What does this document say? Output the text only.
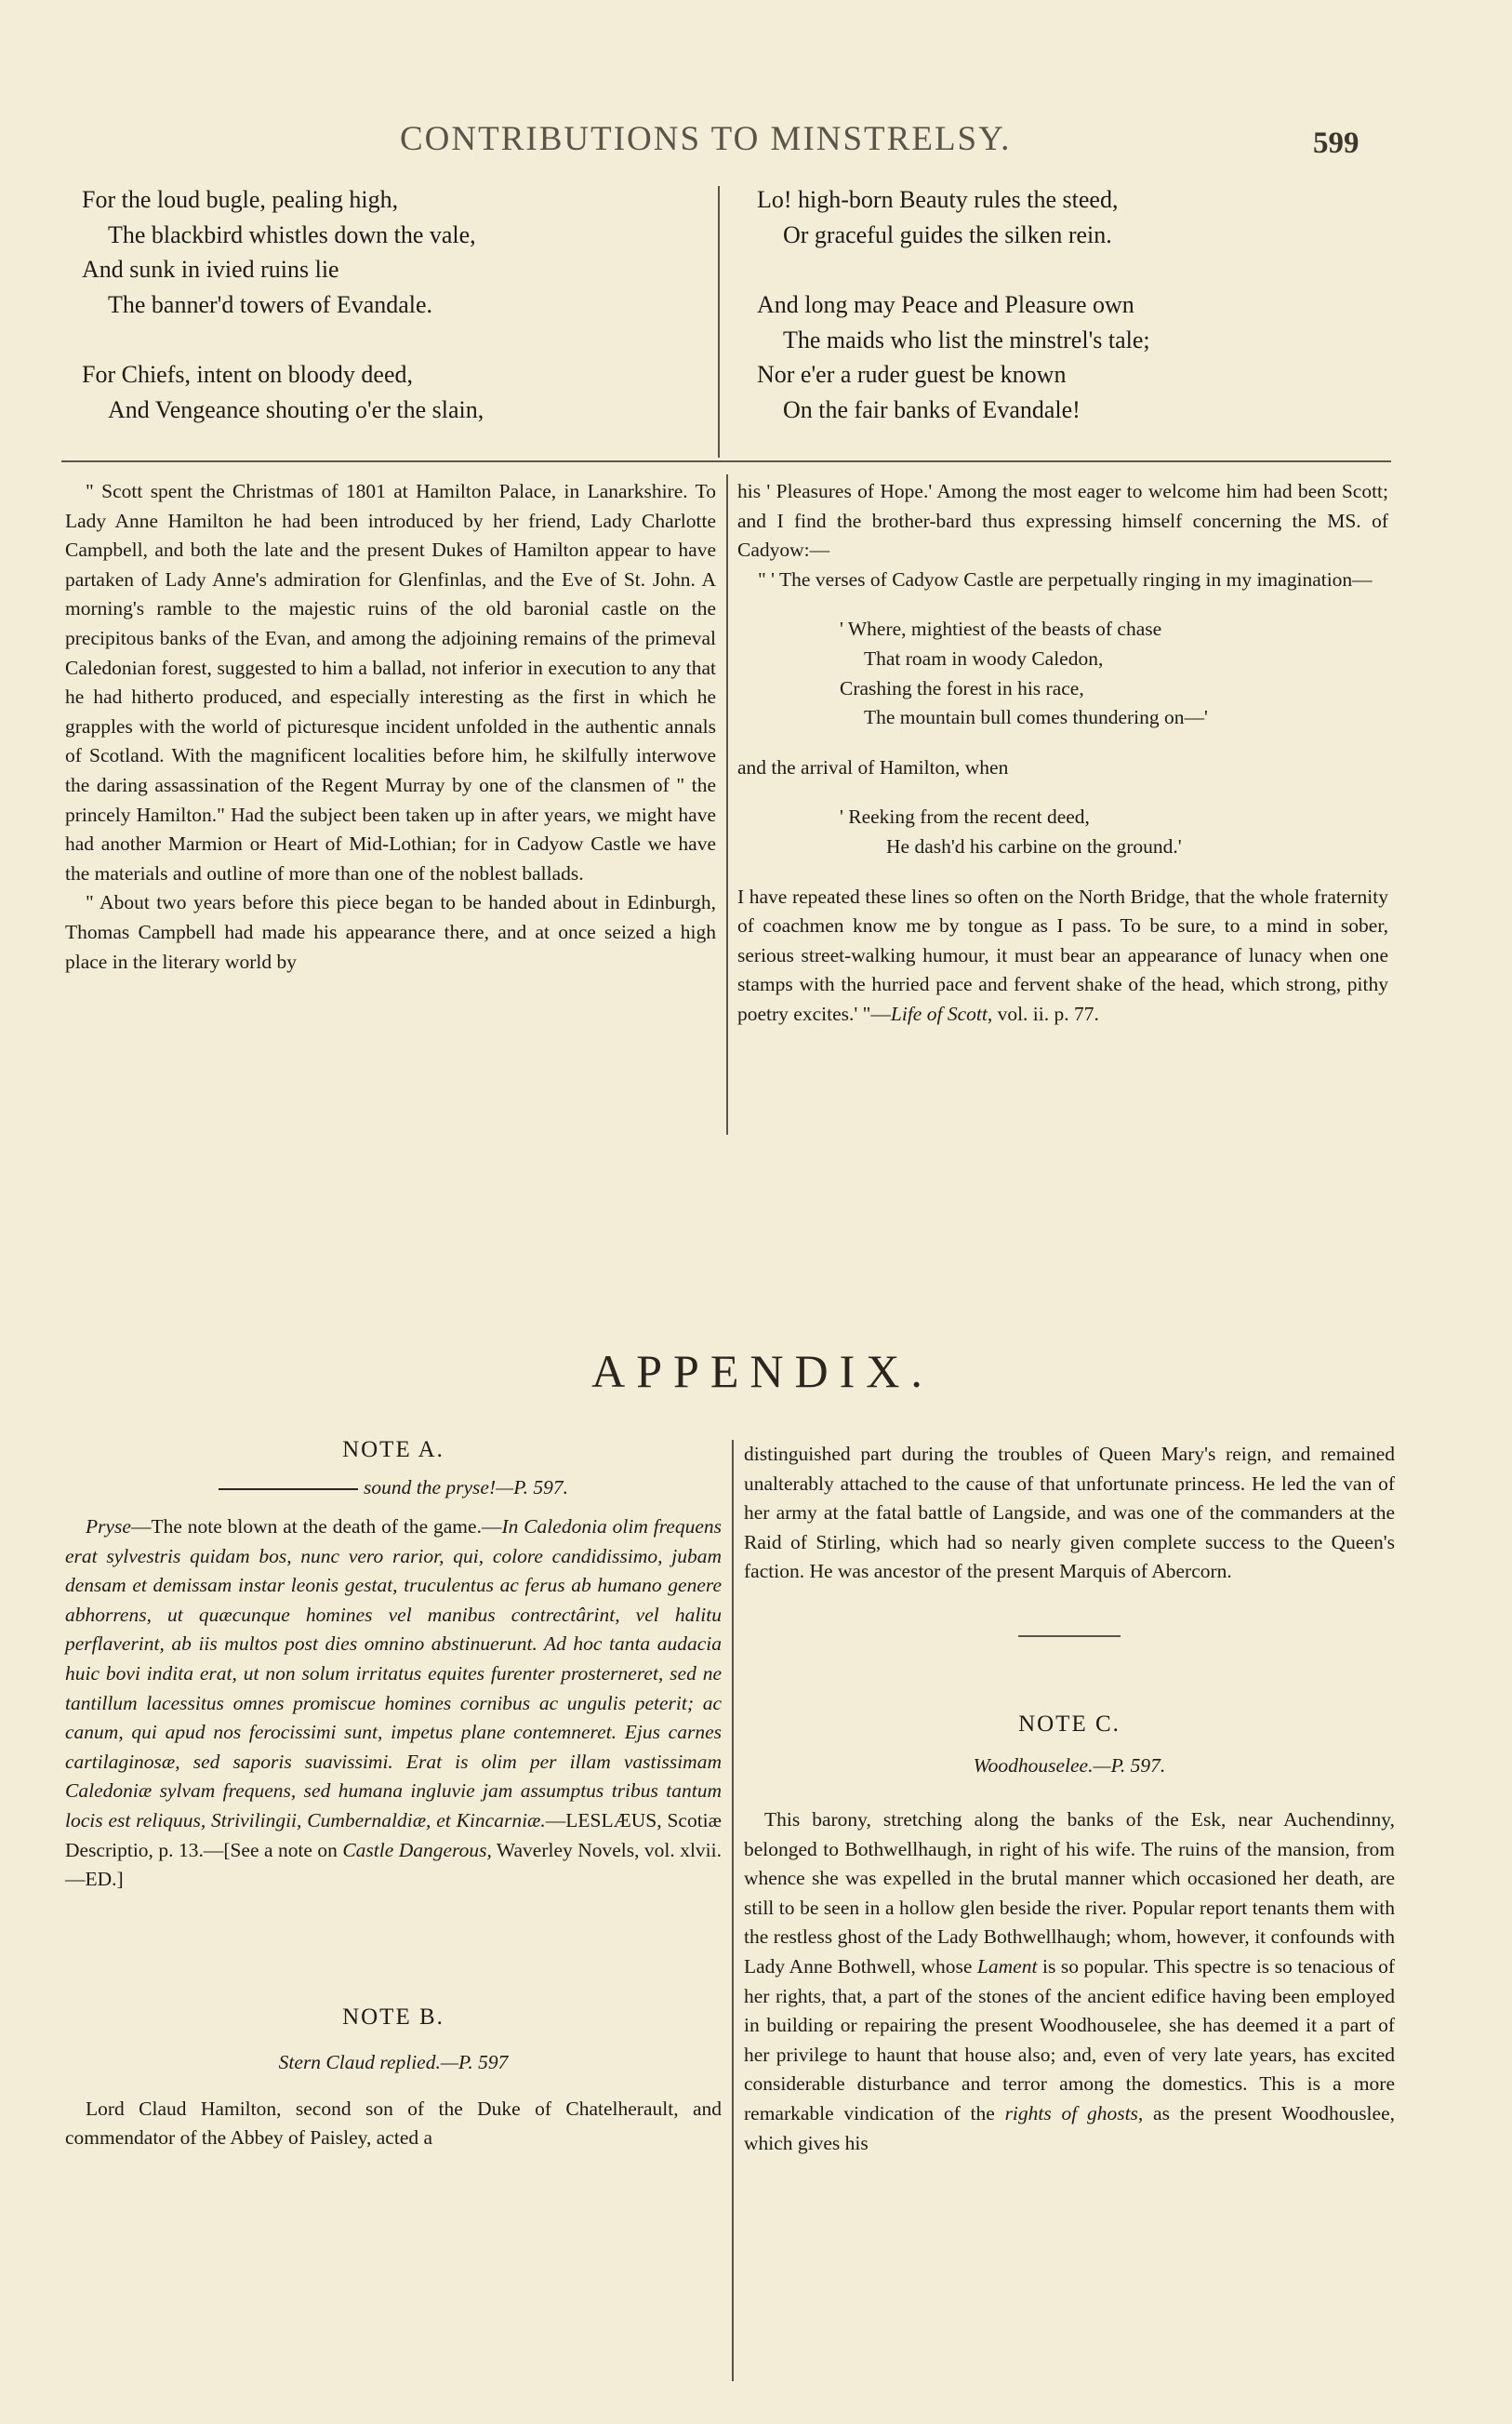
CONTRIBUTIONS TO MINSTRELSY.	599

For the loud bugle, pealing high,

The blackbird whistles down the vale,

And sunk in ivied ruins lie

The banner'd towers of Evandale.

For Chiefs, intent on bloody deed,

And Vengeance shouting o'er the slain,

Lo! high-born Beauty rules the steed,

Or graceful guides the silken rein.

And long may Peace and Pleasure own

The maids who list the minstrel's tale;

Nor e'er a ruder guest be known

On the fair banks of Evandale!

" Scott spent the Christmas of 1801 at Hamilton Palace, in Lanarkshire. To Lady Anne Hamilton he had been introduced by her friend, Lady Charlotte Campbell, and both the late and the present Dukes of Hamilton appear to have partaken of Lady Anne's admiration for Glenfinlas, and the Eve of St. John. A morning's ramble to the majestic ruins of the old baronial castle on the precipitous banks of the Evan, and among the adjoining remains of the primeval Caledonian forest, suggested to him a ballad, not inferior in execution to any that he had hitherto produced, and especially interesting as the first in which he grapples with the world of picturesque incident unfolded in the authentic annals of Scotland. With the magnificent localities before him, he skilfully interwove the daring assassination of the Regent Murray by one of the clansmen of " the princely Hamilton." Had the subject been taken up in after years, we might have had another Marmion or Heart of Mid-Lothian; for in Cadyow Castle we have the materials and outline of more than one of the noblest ballads.

" About two years before this piece began to be handed about in Edinburgh, Thomas Campbell had made his appearance there, and at once seized a high place in the literary world by

his ' Pleasures of Hope.' Among the most eager to welcome him had been Scott; and I find the brother-bard thus expressing himself concerning the MS. of Cadyow:—

" ' The verses of Cadyow Castle are perpetually ringing in my imagination—

' Where, mightiest of the beasts of chase

That roam in woody Caledon,

Crashing the forest in his race,

The mountain bull comes thundering on—'

and the arrival of Hamilton, when

' Reeking from the recent deed,

He dash'd his carbine on the ground.'

I have repeated these lines so often on the North Bridge, that the whole fraternity of coachmen know me by tongue as I pass. To be sure, to a mind in sober, serious street-walking humour, it must bear an appearance of lunacy when one stamps with the hurried pace and fervent shake of the head, which strong, pithy poetry excites.' "—Life of Scott, vol. ii. p. 77.

APPENDIX.

NOTE A.

sound the pryse!—P. 597.

Pryse—The note blown at the death of the game.—In Caledonia olim frequens erat sylvestris quidam bos, nunc vero rarior, qui, colore candidissimo, jubam densam et demissam instar leonis gestat, truculentus ac ferus ab humano genere abhorrens, ut quæcunque homines vel manibus contrectârint, vel halitu perflaverint, ab iis multos post dies omnino abstinuerunt. Ad hoc tanta audacia huic bovi indita erat, ut non solum irritatus equites furenter prosterneret, sed ne tantillum lacessitus omnes promiscue homines cornibus ac ungulis peterit; ac canum, qui apud nos ferocissimi sunt, impetus plane contemneret. Ejus carnes cartilaginosæ, sed saporis suavissimi. Erat is olim per illam vastissimam Caledoniæ sylvam frequens, sed humana ingluvie jam assumptus tribus tantum locis est reliquus, Strivilingii, Cumbernaldiæ, et Kincarniæ.—LESLÆUS, Scotiæ Descriptio, p. 13.—[See a note on Castle Dangerous, Waverley Novels, vol. xlvii.—ED.]

NOTE B.

Stern Claud replied.—P. 597

Lord Claud Hamilton, second son of the Duke of Chatelherault, and commendator of the Abbey of Paisley, acted a

distinguished part during the troubles of Queen Mary's reign, and remained unalterably attached to the cause of that unfortunate princess. He led the van of her army at the fatal battle of Langside, and was one of the commanders at the Raid of Stirling, which had so nearly given complete success to the Queen's faction. He was ancestor of the present Marquis of Abercorn.

NOTE C.

Woodhouselee.—P. 597.

This barony, stretching along the banks of the Esk, near Auchendinny, belonged to Bothwellhaugh, in right of his wife. The ruins of the mansion, from whence she was expelled in the brutal manner which occasioned her death, are still to be seen in a hollow glen beside the river. Popular report tenants them with the restless ghost of the Lady Bothwellhaugh; whom, however, it confounds with Lady Anne Bothwell, whose Lament is so popular. This spectre is so tenacious of her rights, that, a part of the stones of the ancient edifice having been employed in building or repairing the present Woodhouselee, she has deemed it a part of her privilege to haunt that house also; and, even of very late years, has excited considerable disturbance and terror among the domestics. This is a more remarkable vindication of the rights of ghosts, as the present Woodhouslee, which gives his
